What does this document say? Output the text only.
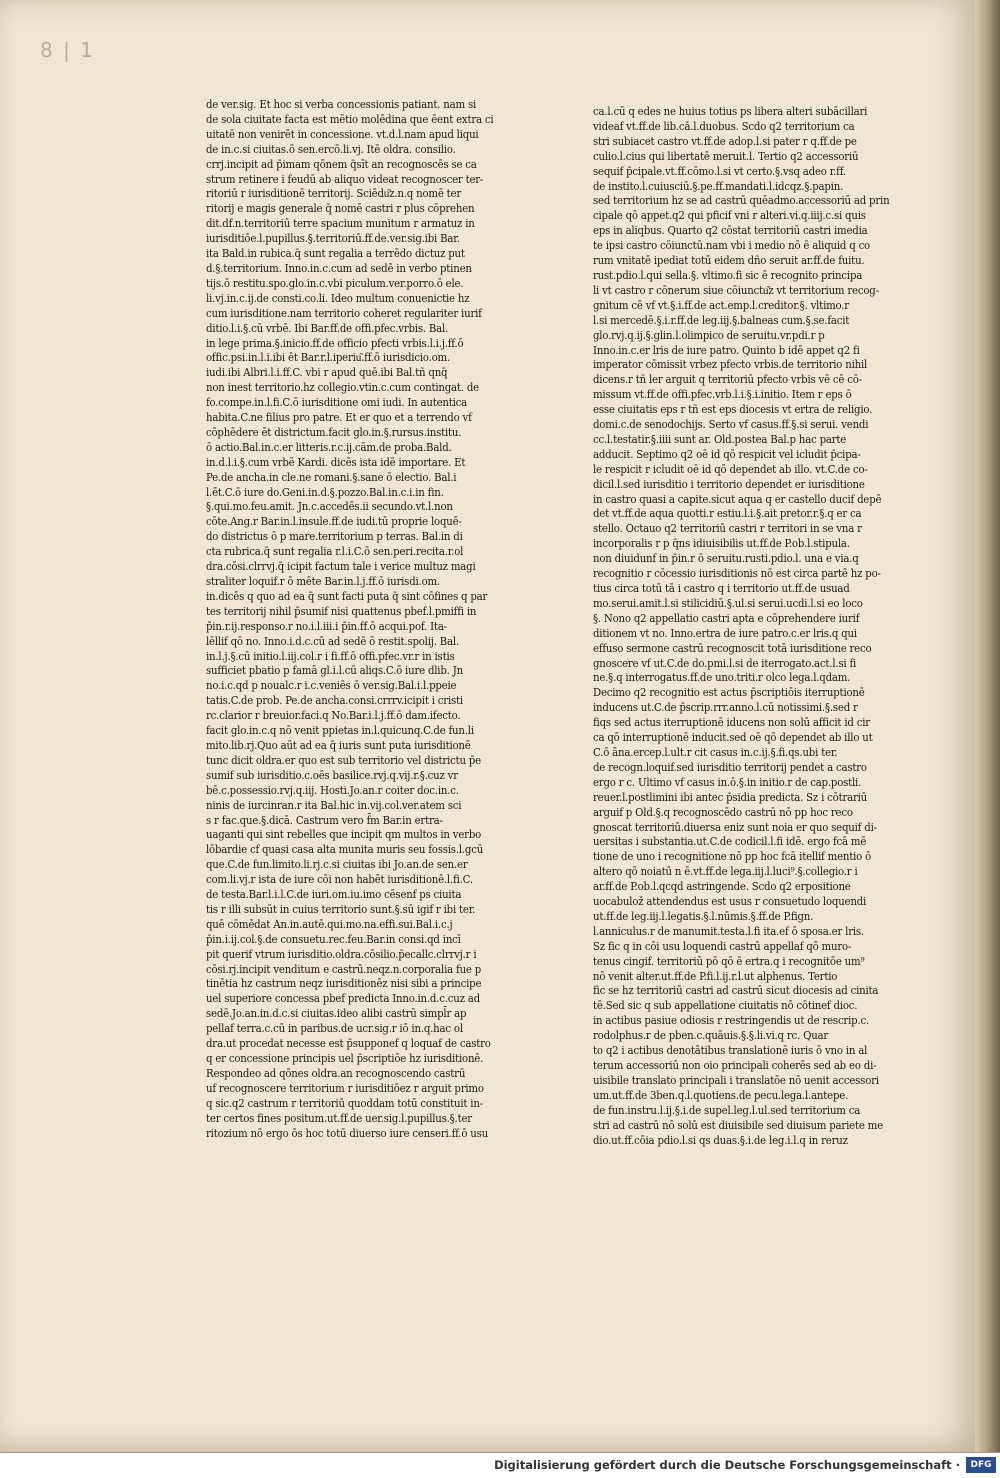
8 | 1
de ver.sig. Et hoc si verba concessionis patiant. nam si
de sola ciuitate facta est mētio molēdina que ēent extra ci
uitatē non venirēt in concessione. vt.d.l.nam apud liqui
de in.c.si ciuitas.ō sen.ercō.li.vj. Itē oldra. consilio.
crrj.incipit ad p̄imam qōnem q̄sīt an recognoscēs se ca
strum retinere i feudū ab aliquo videat recognoscer ter-
ritoriū r iurisditionē territorij. Sciēdu͂z.n.q nomē ter
ritorij e magis generale q̄ nomē castri r plus cōprehen
dit.df.n.territoriū terre spacium munitum r armatuz in
iurisditiōe.l.pupillus.§.territoriū.ff.de.ver.sig.ibi Bar.
ita Bald.in rubica.q̄ sunt regalia a terrēdo dictuz put
d.§.territorium. Inno.in.c.cum ad sedē in verbo ptinen
tijs.ō restitu.spo.glo.in.c.vbi piculum.ver.porro.ō ele.
li.vj.in.c.ij.de consti.co.li. Ideo multum conuenictie hz
cum iurisditione.nam territorio coheret regulariter iurif
ditio.l.i.§.cū vrbē. Ibi Bar.ff.de offi.pfec.vrbis. Bal.
in lege prima.§.inicio.ff.de officio pfecti vrbis.l.i.j.ff.ō
offic.psi.in.l.i.ibi ēt Bar.r.l.iperiu͂.ff.ō iurisdicio.om.
iudi.ibi Albri.l.i.ff.C. vbi r apud quē.ibi Bal.tñ qnq̄
non inest territorio.hz collegio.vtin.c.cum contingat. de
fo.compe.in.l.fi.C.ō iurisditione omi iudi. In autentica
habita.C.ne filius pro patre. Et er quo et a terrendo vf
cōphēdere ēt districtum.facit glo.in.§.rursus.institu.
ō actio.Bal.in.c.er litteris.r.c.ij.cām.de proba.Bald.
in.d.l.i.§.cum vrbē Kardi. dicēs ista idē importare. Et
Pe.de ancha.in cle.ne romani.§.sane ō electio. Bal.i
l.ēt.C.ō iure do.Geni.in.d.§.pozzo.Bal.in.c.i.in fin.
§.qui.mo.feu.amit. Jn.c.accedēs.ii secundo.vt.l.non
cōte.Ang.r Bar.in.l.insule.ff.de iudi.tū proprie loquē-
do districtus ō p mare.territorium p terras. Bal.in di
cta rubrica.q̄ sunt regalia r.l.i.C.ō sen.peri.recita.r.ol
dra.cōsi.clrrvj.q̄ icipit factum tale i verice multuz magi
straliter loquif.r ō mēte Bar.in.l.j.ff.ō iurisdi.om.
in.dicēs q quo ad ea q̄ sunt facti puta q̄ sint cōfines q par
tes territorij nihil p̄sumif nisi quattenus pbef.l.pmiffi in
p̄in.r.ij.responso.r no.i.l.iii.i p̄in.ff.ō acqui.pof. Ita-
lēllif qō no. Inno.i.d.c.cū ad sedē ō restit.spolij. Bal.
in.l.j.§.cū initio.l.iij.col.r i fi.ff.ō offi.pfec.vr.r in istis
sufficiet pbatio p famā gl.i.l.cū aliqs.C.ō iure dlib. Jn
no.i.c.qd p noualc.r i.c.veniēs ō ver.sig.Bal.i.l.ppeie
tatis.C.de prob. Pe.de ancha.consi.crrrv.icipit i cristi
rc.clarior r breuior.faci.q No.Bar.i.l.j.ff.ō dam.ifecto.
facit glo.in.c.q nō venit ppietas in.l.quicunq.C.de fun.li
mito.lib.rj.Quo aūt ad ea q̄ iuris sunt puta iurisditionē
tunc dicit oldra.er quo est sub territorio vel districtu p̄e
sumif sub iurisditio.c.oēs basilice.rvj.q.vij.r.§.cuz vr
bē.c.possessio.rvj.q.iij. Hosti.Jo.an.r coiter doc.in.c.
ninis de iurcinran.r ita Bal.hic in.vij.col.ver.atem sci
s r fac.que.§.dicā. Castrum vero f̄m Bar.in ertra-
uaganti qui sint rebelles que incipit qm multos in verbo
lōbardie cf quasi casa alta munita muris seu fossis.l.gcū
que.C.de fun.limito.li.rj.c.si ciuitas ibi Jo.an.de sen.er
com.li.vj.r ista de iure cōi non habēt iurisditionē.l.fi.C.
de testa.Bar.l.i.l.C.de iuri.om.iu.imo cēsenf ps ciuita
tis r illi subsūt in cuius territorio sunt.§.sū igif r ibi ter.
quē cōmēdat An.in.autē.qui.mo.na.effi.sui.Bal.i.c.j
p̄in.i.ij.col.§.de consuetu.rec.feu.Bar.in consi.qd incī
pit querif vtrum iurisditio.oldra.cōsilio.p̄ecallc.clrrvj.r i
cōsi.rj.incipit venditum e castrū.neqz.n.corporalia fue p
tinētia hz castrum neqz iurisditionēz nisi sibi a principe
uel superiore concessa pbef predicta Inno.in.d.c.cuz ad
sedē.Jo.an.in.d.c.si ciuitas.ideo alibi castrū simpl̄r ap
pellaf terra.c.cū in paribus.de ucr.sig.r iō in.q.hac ol
dra.ut procedat necesse est p̄supponef q loquaf de castro
q er concessione principis uel p̄scriptiōe hz iurisditionē.
Respondeo ad qōnes oldra.an recognoscendo castrū
uf recognoscere territorium r iurisditiōez r arguit primo
q sic.q2 castrum r territoriū quoddam totū constituit in-
ter certos fines positum.ut.ff.de uer.sig.l.pupillus.§.ter
ritozium nō ergo ōs hoc totū diuerso iure censeri.ff.ō usu
ca.l.cū q edes ne huius totius ps libera alteri subācillari
videaf vt.ff.de lib.cā.l.duobus. Scdo q2 territorium ca
stri subiacet castro vt.ff.de adop.l.si pater r q.ff.de pe
culio.l.cius qui libertatē meruit.l. Tertio q2 accessoriū
sequif p̄cipale.vt.ff.cōmo.l.si vt certo.§.vsq adeo r.ff.
de instito.l.cuiusciū.§.pe.ff.mandati.l.idcqz.§.papin.
sed territorium hz se ad castrū quēadmo.accessoriū ad prin
cipale qō appet.q2 qui pficif vni r alteri.vi.q.iiij.c.si quis
eps in aliqbus. Quarto q2 cōstat territoriū castri imedia
te ipsi castro cōiunctū.nam vbi i medio nō ē aliquid q co
rum vnitatē ipediat totū eidem dño seruit ar.ff.de fuitu.
rust.pdio.l.qui sella.§. vltimo.fi sic ē recognito principa
li vt castro r cōnerum siue cōiunctu͂z vt territorium recog-
gnitum cē vf vt.§.i.ff.de act.emp.l.creditor.§. vltimo.r
l.si mercedē.§.i.r.ff.de leg.iij.§.balneas cum.§.se.facit
glo.rvj.q.ij.§.glin.l.olimpico de seruitu.vr.pdi.r p
Inno.in.c.er lris de iure patro. Quinto b idē appet q2 fi
imperator cōmissit vrbez pfecto vrbis.de territorio nihil
dicens.r tñ ler arguit q territoriū pfecto vrbis vē cē cō-
missum vt.ff.de offi.pfec.vrb.l.i.§.i.initio. Item r eps ō
esse ciuitatis eps r tñ est eps diocesis vt ertra de religio.
domi.c.de senodochijs. Serto vf casus.ff.§.si serui. vendi
cc.l.testatir.§.iiii sunt ar. Old.postea Bal.p hac parte
adducit. Septimo q2 oē id qō respicit vel icludit p̄cipa-
le respicit r icludit oē id qō dependet ab illo. vt.C.de co-
dicil.l.sed iurisditio i territorio dependet er iurisditione
in castro quasi a capite.sicut aqua q er castello ducif depē
det vt.ff.de aqua quotti.r estiu.l.i.§.ait pretor.r.§.q er ca
stello. Octauo q2 territoriū castri r territori in se vna r
incorporalis r p q̄ns idiuisibilis ut.ff.de P.ob.l.stipula.
non diuidunf in p̄in.r ō seruitu.rusti.pdio.l. una e via.q
recognitio r cōcessio iurisditionis nō est circa partē hz po-
tius circa totū tā i castro q i territorio ut.ff.de usuad
mo.serui.amit.l.si stilicidiū.§.ul.si serui.ucdi.l.si eo loco
§. Nono q2 appellatio castri apta e cōprehendere iurif
ditionem vt no. Inno.ertra de iure patro.c.er lris.q qui
effuso sermone castrū recognoscit totā iurisditione reco
gnoscere vf ut.C.de do.pmi.l.si de iterrogato.act.l.si fi
ne.§.q interrogatus.ff.de uno.triti.r olco lega.l.qdam.
Decimo q2 recognitio est actus p̄scriptiōis iterruptionē
inducens ut.C.de p̄scrip.rrr.anno.l.cū notissimi.§.sed r
fiqs sed actus iterruptionē iducens non solū afficit id cir
ca qō interruptionē inducit.sed oē qō dependet ab illo ut
C.ō āna.ercep.l.ult.r cit casus in.c.ij.§.fi.qs.ubi ter.
de recogn.loquif.sed iurisditio territorij pendet a castro
ergo r c. Ultimo vf casus in.ō.§.in initio.r de cap.postli.
reuer.l.postlimini ibi antec p̄sidia predicta. Sz i cōtrariū
arguif p Old.§.q recognoscēdo castrū nō pp hoc reco
gnoscat territoriū.diuersa eniz sunt noia er quo sequif di-
uersitas i substantia.ut.C.de codicil.l.fi idē. ergo fcā mē
tione de uno i recognitione nō pp hoc fcā itellif mentio ō
altero qō noiatū n ē.vt.ff.de lega.iij.l.luci⁹.§.collegio.r i
ar.ff.de P.ob.l.qcqd astringende. Scdo q2 erpositione
uocabulož attendendus est usus r consuetudo loquendi
ut.ff.de leg.iij.l.legatis.§.l.nūmis.§.ff.de P.fign.
l.anniculus.r de manumit.testa.l.fi ita.ef ō sposa.er lris.
Sz fic q in cōi usu loquendi castrū appellaf qō muro-
tenus cingif. territoriū pō qō ē ertra.q i recognitōe um⁹
nō venit alter.ut.ff.de P.fi.l.ij.r.l.ut alphenus. Tertio
fic se hz territoriū castri ad castrū sicut diocesis ad cinita
tē.Sed sic q sub appellatione ciuitatis nō cōtinef dioc.
in actibus pasiue odiosis r restringendis ut de rescrip.c.
rodolphus.r de pben.c.quāuis.§.§.li.vi.q rc. Quar
to q2 i actibus denotātibus translationē iuris ō vno in al
terum accessoriū non oio principali coherēs sed ab eo di-
uisibile translato principali i translatōe nō uenit accessori
um.ut.ff.de 3ben.q.l.quotiens.de pecu.lega.l.antepe.
de fun.instru.l.ij.§.i.de supel.leg.l.ul.sed territorium ca
stri ad castrū nō solū est diuisibile sed diuisum pariete me
dio.ut.ff.cōia pdio.l.si qs duas.§.i.de leg.i.l.q in reruz
Digitalisierung gefördert durch die Deutsche Forschungsgemeinschaft ·	DFG
